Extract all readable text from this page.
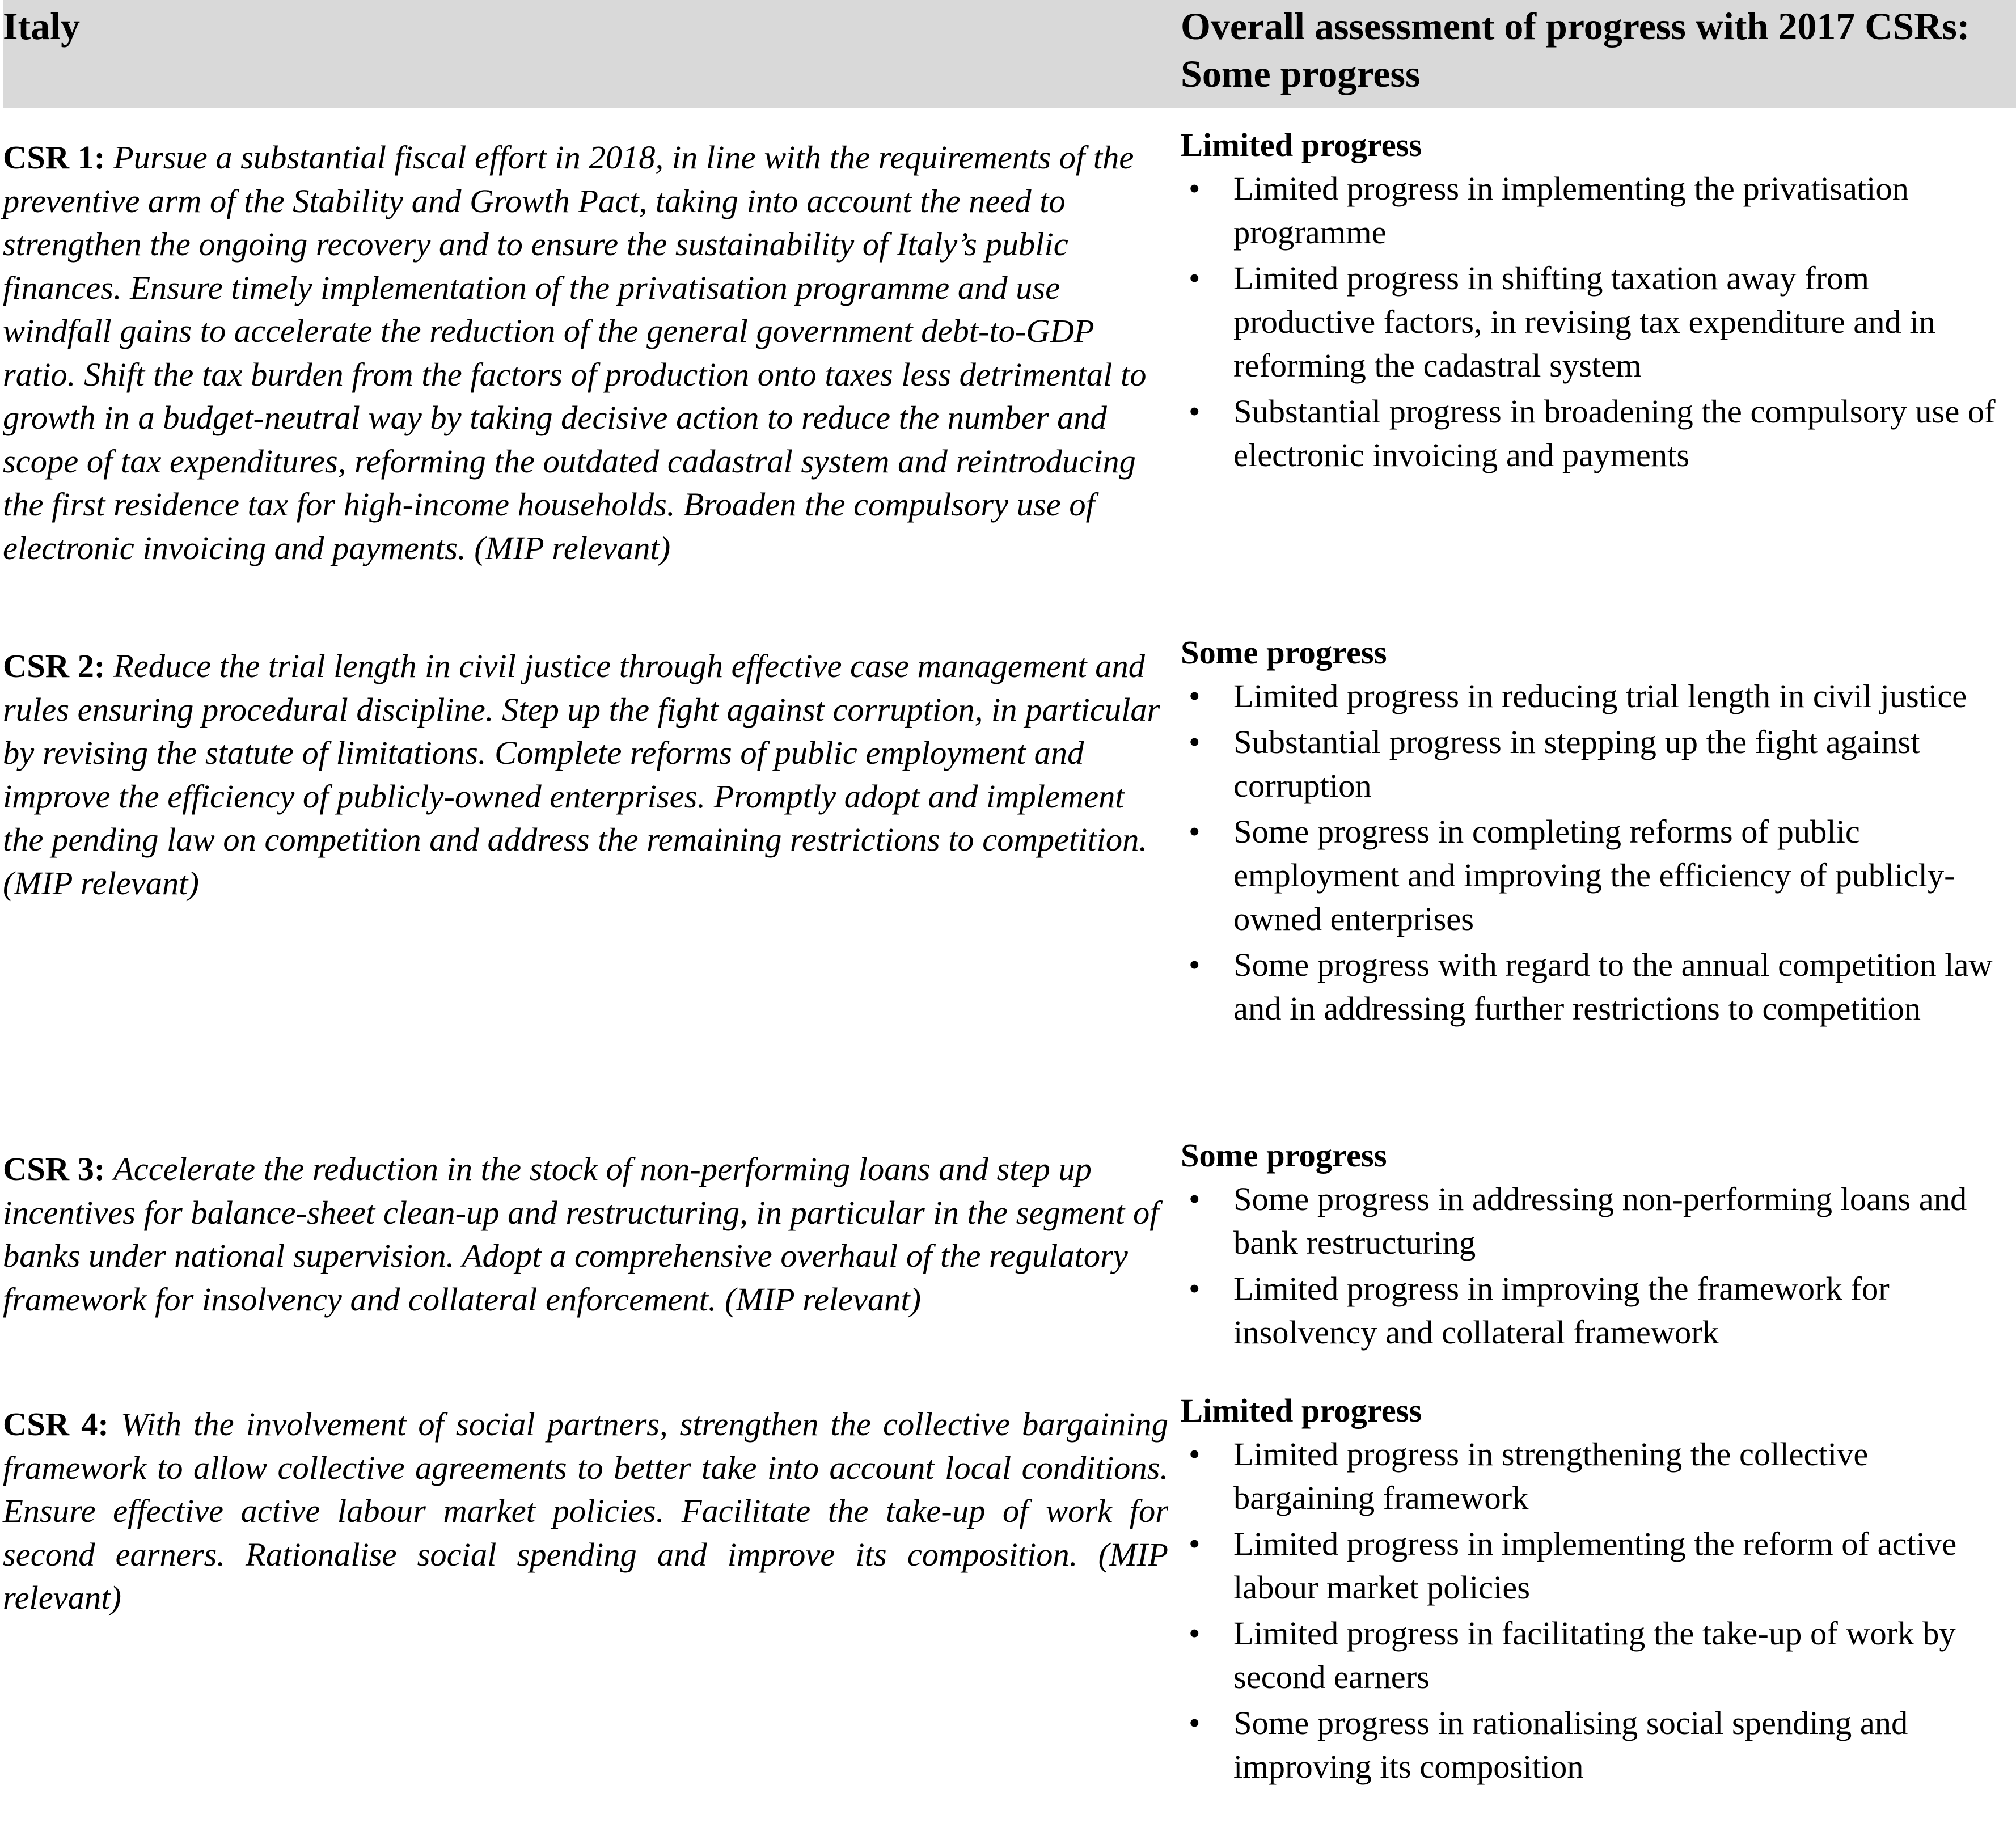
Italy	Overall assessment of progress with 2017 CSRs: Some progress
CSR 1: Pursue a substantial fiscal effort in 2018, in line with the requirements of the preventive arm of the Stability and Growth Pact, taking into account the need to strengthen the ongoing recovery and to ensure the sustainability of Italy’s public finances. Ensure timely implementation of the privatisation programme and use windfall gains to accelerate the reduction of the general government debt-to-GDP ratio. Shift the tax burden from the factors of production onto taxes less detrimental to growth in a budget-neutral way by taking decisive action to reduce the number and scope of tax expenditures, reforming the outdated cadastral system and reintroducing the first residence tax for high-income households. Broaden the compulsory use of electronic invoicing and payments. (MIP relevant)
Limited progress
•	Limited progress in implementing the privatisation programme
•	Limited progress in shifting taxation away from productive factors, in revising tax expenditure and in reforming the cadastral system
•	Substantial progress in broadening the compulsory use of electronic invoicing and payments
CSR 2: Reduce the trial length in civil justice through effective case management and rules ensuring procedural discipline. Step up the fight against corruption, in particular by revising the statute of limitations. Complete reforms of public employment and improve the efficiency of publicly-owned enterprises. Promptly adopt and implement the pending law on competition and address the remaining restrictions to competition. (MIP relevant)
Some progress
•	Limited progress in reducing trial length in civil justice
•	Substantial progress in stepping up the fight against corruption
•	Some progress in completing reforms of public employment and improving the efficiency of publicly-owned enterprises
•	Some progress with regard to the annual competition law and in addressing further restrictions to competition
CSR 3: Accelerate the reduction in the stock of non-performing loans and step up incentives for balance-sheet clean-up and restructuring, in particular in the segment of banks under national supervision. Adopt a comprehensive overhaul of the regulatory framework for insolvency and collateral enforcement. (MIP relevant)
Some progress
•	Some progress in addressing non-performing loans and bank restructuring
•	Limited progress in improving the framework for insolvency and collateral framework
CSR 4: With the involvement of social partners, strengthen the collective bargaining framework to allow collective agreements to better take into account local conditions. Ensure effective active labour market policies. Facilitate the take-up of work for second earners. Rationalise social spending and improve its composition. (MIP relevant)
Limited progress
•	Limited progress in strengthening the collective bargaining framework
•	Limited progress in implementing the reform of active labour market policies
•	Limited progress in facilitating the take-up of work by second earners
•	Some progress in rationalising social spending and improving its composition
